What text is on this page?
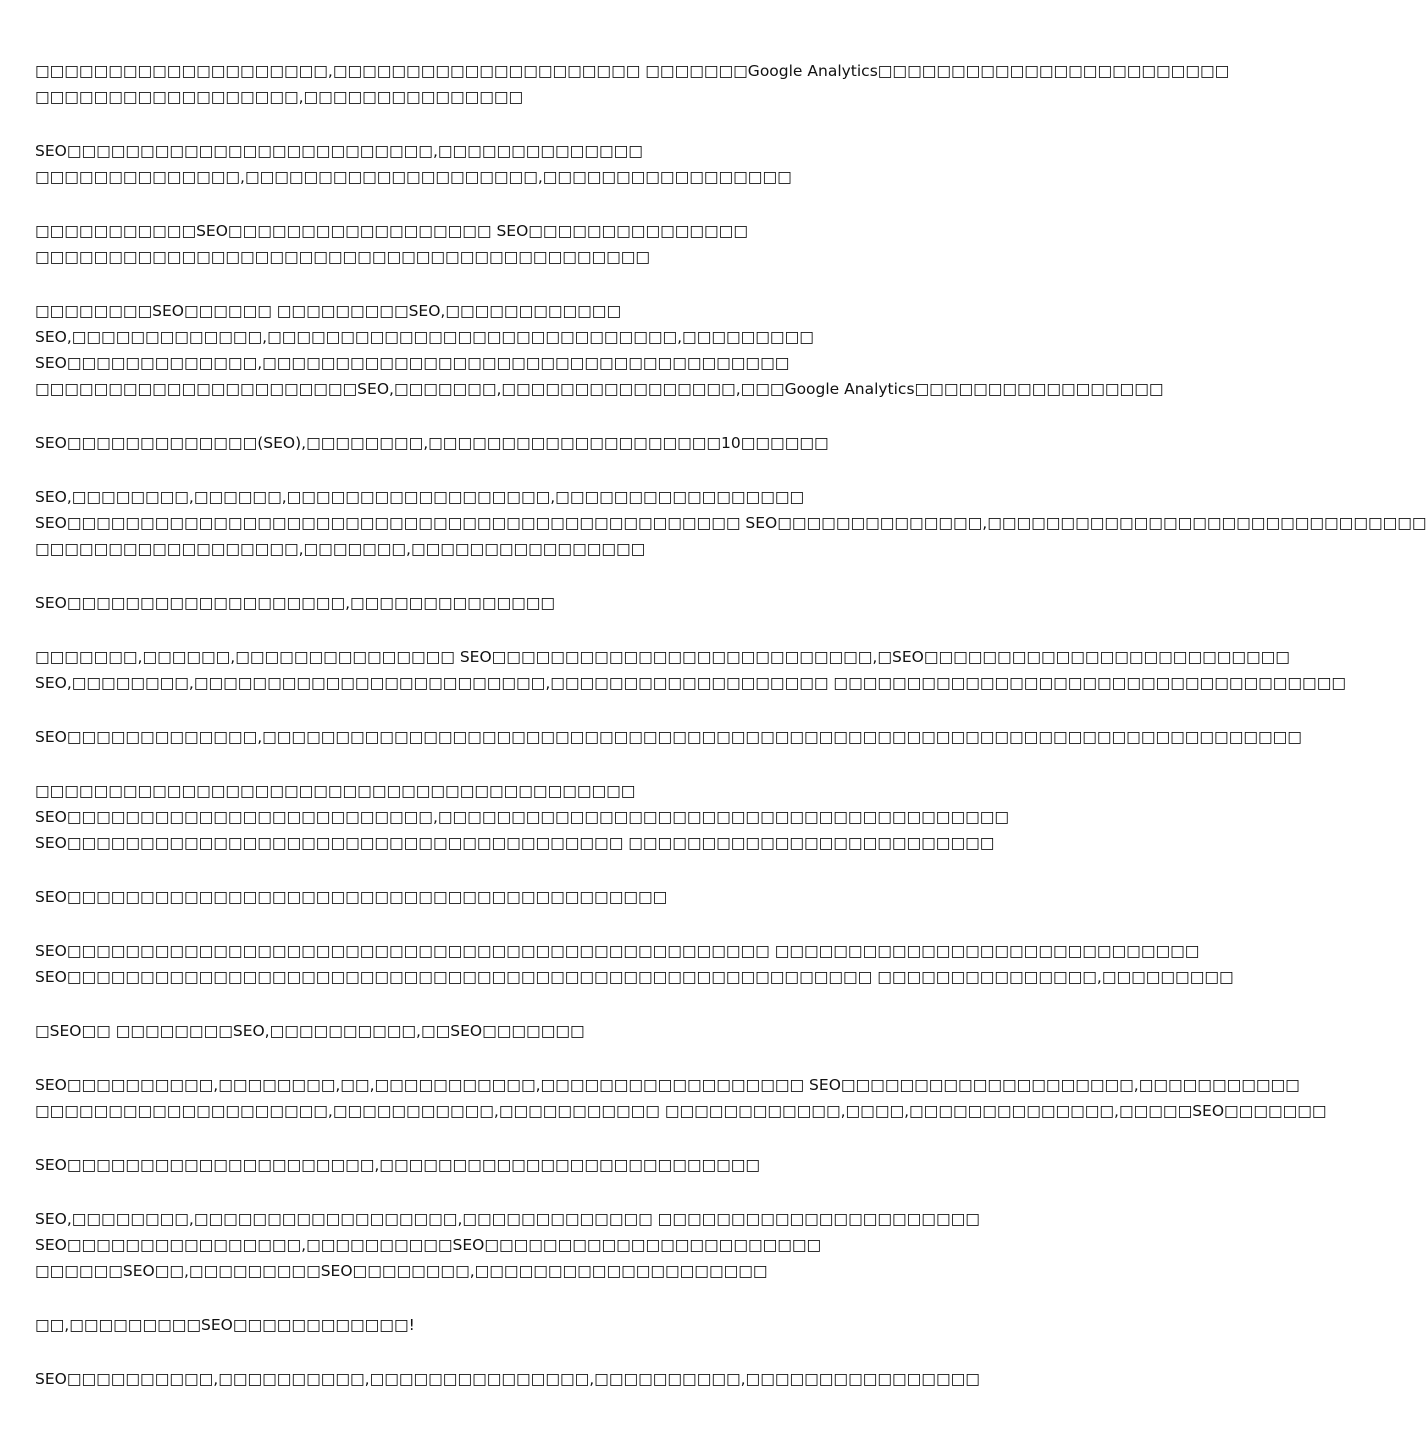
□□□□□□□□□□□□□□□□□□□□,□□□□□□□□□□□□□□□□□□□□□ □□□□□□□Google Analytics□□□□□□□□□□□□□□□□□□□□□□□□
□□□□□□□□□□□□□□□□□□,□□□□□□□□□□□□□□□

SEO□□□□□□□□□□□□□□□□□□□□□□□□□,□□□□□□□□□□□□□□
□□□□□□□□□□□□□□,□□□□□□□□□□□□□□□□□□□□,□□□□□□□□□□□□□□□□□

□□□□□□□□□□□SEO□□□□□□□□□□□□□□□□□□ SEO□□□□□□□□□□□□□□□
□□□□□□□□□□□□□□□□□□□□□□□□□□□□□□□□□□□□□□□□□□

□□□□□□□□SEO□□□□□□ □□□□□□□□□SEO,□□□□□□□□□□□□
SEO,□□□□□□□□□□□□□,□□□□□□□□□□□□□□□□□□□□□□□□□□□□,□□□□□□□□□
SEO□□□□□□□□□□□□□,□□□□□□□□□□□□□□□□□□□□□□□□□□□□□□□□□□□□
□□□□□□□□□□□□□□□□□□□□□□SEO,□□□□□□□,□□□□□□□□□□□□□□□□,□□□Google Analytics□□□□□□□□□□□□□□□□□

SEO□□□□□□□□□□□□□(SEO),□□□□□□□□,□□□□□□□□□□□□□□□□□□□□10□□□□□□

SEO,□□□□□□□□,□□□□□□,□□□□□□□□□□□□□□□□□□,□□□□□□□□□□□□□□□□□
SEO□□□□□□□□□□□□□□□□□□□□□□□□□□□□□□□□□□□□□□□□□□□□□□ SEO□□□□□□□□□□□□□□,□□□□□□□□□□□□□□□□□□□□□□□□□□□□□□
□□□□□□□□□□□□□□□□□□,□□□□□□□,□□□□□□□□□□□□□□□□

SEO□□□□□□□□□□□□□□□□□□□,□□□□□□□□□□□□□□

□□□□□□□,□□□□□□,□□□□□□□□□□□□□□□ SEO□□□□□□□□□□□□□□□□□□□□□□□□□□,□SEO□□□□□□□□□□□□□□□□□□□□□□□□□
SEO,□□□□□□□□,□□□□□□□□□□□□□□□□□□□□□□□□,□□□□□□□□□□□□□□□□□□□ □□□□□□□□□□□□□□□□□□□□□□□□□□□□□□□□□□□

SEO□□□□□□□□□□□□□,□□□□□□□□□□□□□□□□□□□□□□□□□□□□□□□□□□□□□□□□□□□□□□□□□□□□□□□□□□□□□□□□□□□□□□□

□□□□□□□□□□□□□□□□□□□□□□□□□□□□□□□□□□□□□□□□□
SEO□□□□□□□□□□□□□□□□□□□□□□□□□,□□□□□□□□□□□□□□□□□□□□□□□□□□□□□□□□□□□□□□□
SEO□□□□□□□□□□□□□□□□□□□□□□□□□□□□□□□□□□□□□□ □□□□□□□□□□□□□□□□□□□□□□□□□

SEO□□□□□□□□□□□□□□□□□□□□□□□□□□□□□□□□□□□□□□□□□

SEO□□□□□□□□□□□□□□□□□□□□□□□□□□□□□□□□□□□□□□□□□□□□□□□□ □□□□□□□□□□□□□□□□□□□□□□□□□□□□□
SEO□□□□□□□□□□□□□□□□□□□□□□□□□□□□□□□□□□□□□□□□□□□□□□□□□□□□□□□ □□□□□□□□□□□□□□□,□□□□□□□□□

□SEO□□ □□□□□□□□SEO,□□□□□□□□□□,□□SEO□□□□□□□

SEO□□□□□□□□□□,□□□□□□□□,□□,□□□□□□□□□□□,□□□□□□□□□□□□□□□□□□ SEO□□□□□□□□□□□□□□□□□□□□,□□□□□□□□□□□
□□□□□□□□□□□□□□□□□□□□,□□□□□□□□□□□,□□□□□□□□□□□ □□□□□□□□□□□□,□□□□,□□□□□□□□□□□□□□,□□□□□SEO□□□□□□□

SEO□□□□□□□□□□□□□□□□□□□□□,□□□□□□□□□□□□□□□□□□□□□□□□□□

SEO,□□□□□□□□,□□□□□□□□□□□□□□□□□□,□□□□□□□□□□□□□ □□□□□□□□□□□□□□□□□□□□□□
SEO□□□□□□□□□□□□□□□□,□□□□□□□□□□SEO□□□□□□□□□□□□□□□□□□□□□□□
□□□□□□SEO□□,□□□□□□□□□SEO□□□□□□□□,□□□□□□□□□□□□□□□□□□□□

□□,□□□□□□□□□SEO□□□□□□□□□□□□!

SEO□□□□□□□□□□,□□□□□□□□□□,□□□□□□□□□□□□□□□,□□□□□□□□□□,□□□□□□□□□□□□□□□□
